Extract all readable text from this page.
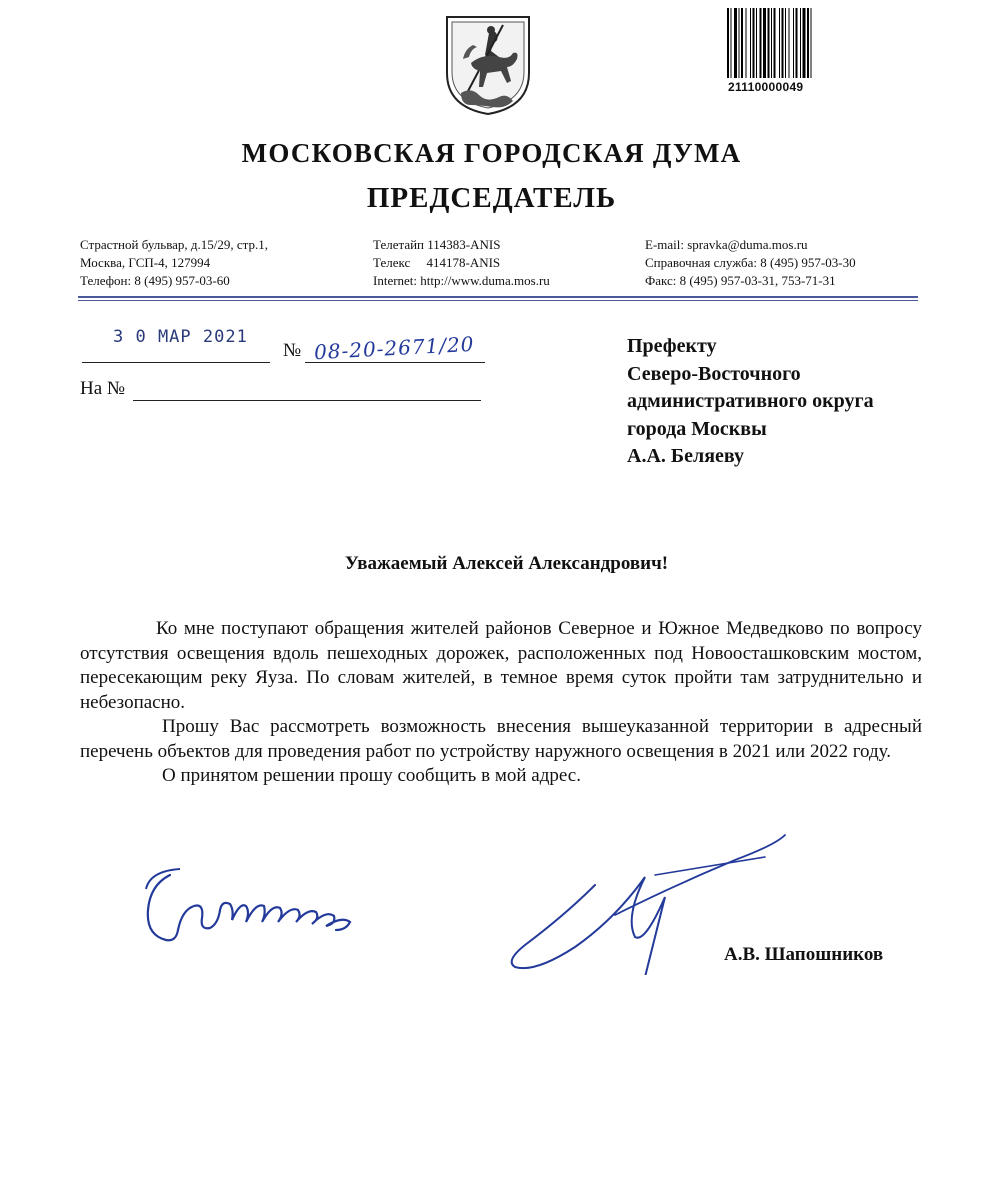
21110000049
МОСКОВСКАЯ ГОРОДСКАЯ ДУМА
ПРЕДСЕДАТЕЛЬ
Страстной бульвар, д.15/29, стр.1,
Москва, ГСП-4, 127994
Телефон: 8 (495) 957-03-60
Телетайп 114383-ANIS
Телекс     414178-ANIS
Internet: http://www.duma.mos.ru
E-mail: spravka@duma.mos.ru
Справочная служба: 8 (495) 957-03-30
Факс: 8 (495) 957-03-31, 753-71-31
3 0 МАР 2021
№ 08-20-2671/20
На №
Префекту
Северо-Восточного
административного округа
города Москвы
А.А. Беляеву
Уважаемый Алексей Александрович!

Ко мне поступают обращения жителей районов Северное и Южное Медведково по вопросу отсутствия освещения вдоль пешеходных дорожек, расположенных под Новоосташковским мостом, пересекающим реку Яуза. По словам жителей, в темное время суток пройти там затруднительно и небезопасно.

Прошу Вас рассмотреть возможность внесения вышеуказанной территории в адресный перечень объектов для проведения работ по устройству наружного освещения в 2021 или 2022 году.

О принятом решении прошу сообщить в мой адрес.

А.В. Шапошников
